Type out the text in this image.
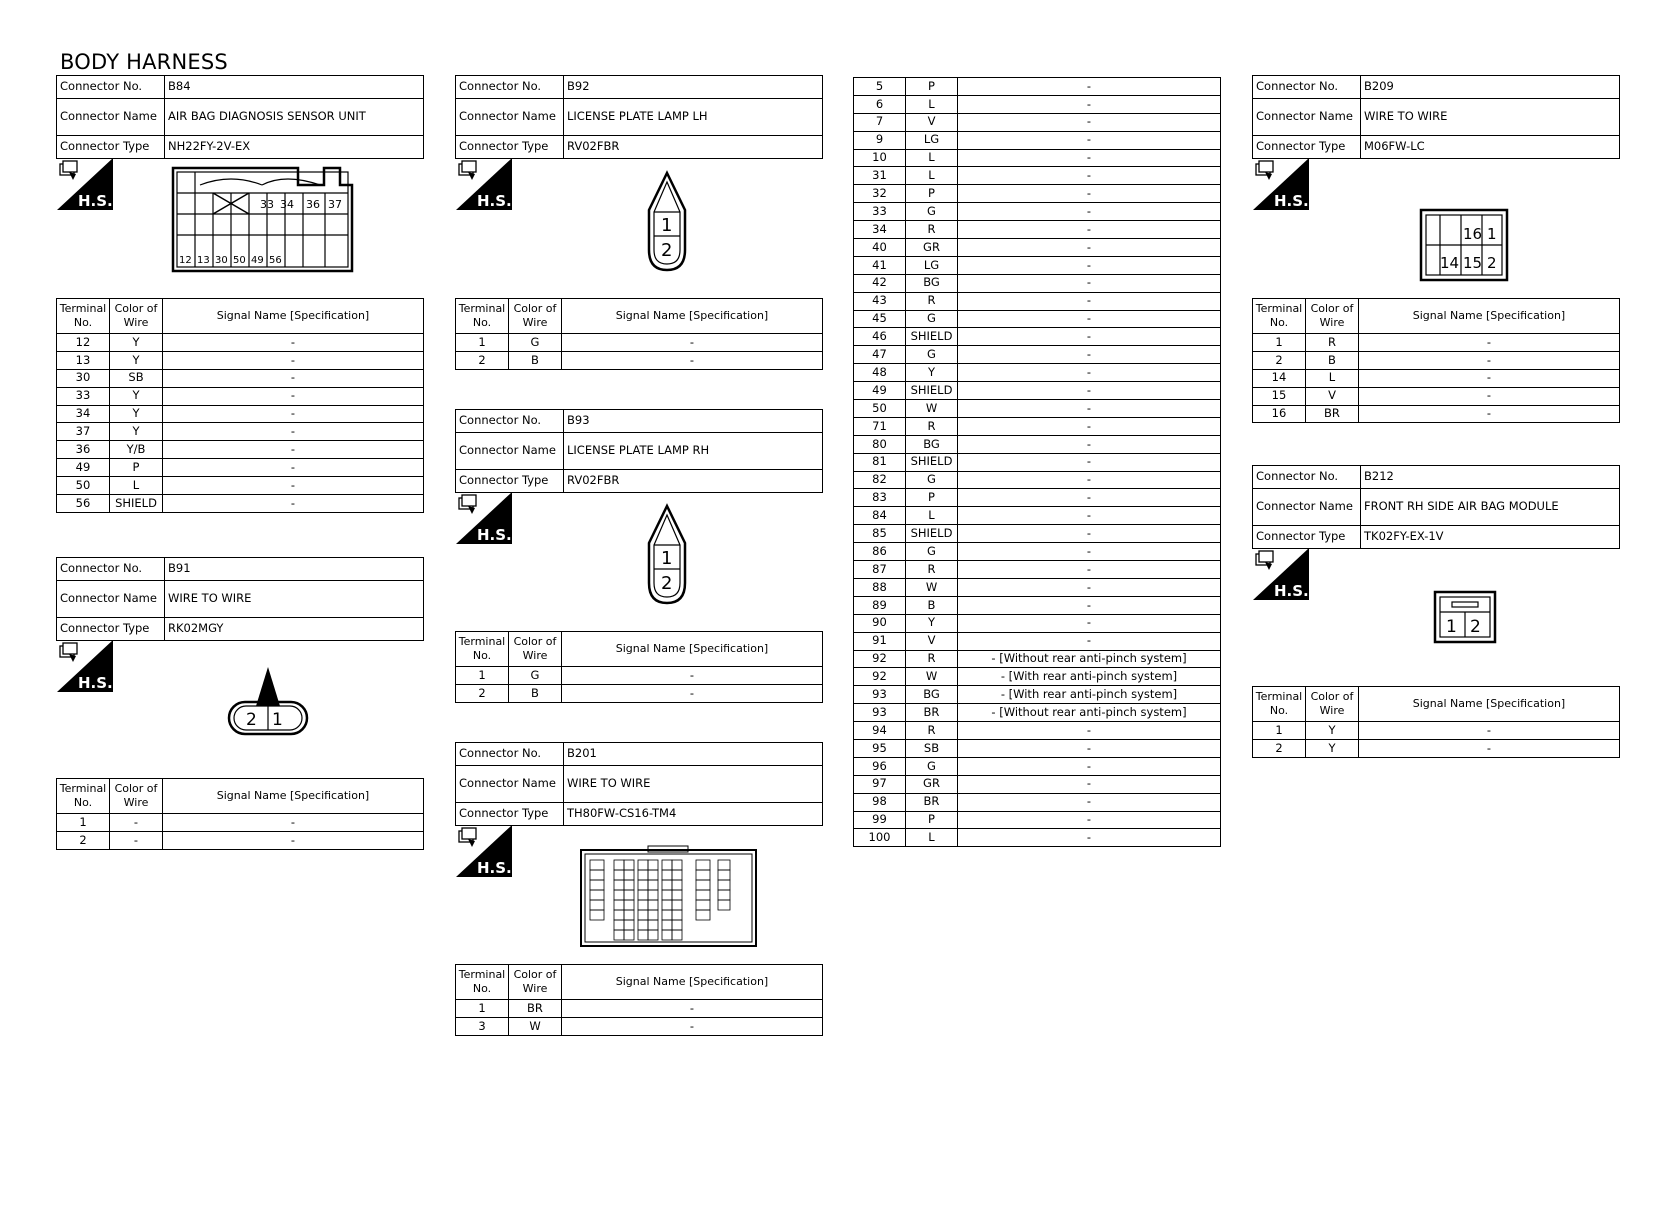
BODY HARNESS
Connector No.	B84
Connector Name	AIR BAG DIAGNOSIS SENSOR UNIT
Connector Type	NH22FY-2V-EX
H.S.	33 34 36 37
12 13 30 50 49 56
Terminal No.	Color of Wire	Signal Name [Specification]
12	Y	-
13	Y	-
30	SB	-
33	Y	-
34	Y	-
37	Y	-
36	Y/B	-
49	P	-
50	L	-
56	SHIELD	-
Connector No.	B91
Connector Name	WIRE TO WIRE
Connector Type	RK02MGY
H.S.
2 1
Terminal No.	Color of Wire	Signal Name [Specification]
1	-	-
2	-	-
Connector No.	B92
Connector Name	LICENSE PLATE LAMP LH
Connector Type	RV02FBR
H.S.
1
2
Terminal No.	Color of Wire	Signal Name [Specification]
1	G	-
2	B	-
Connector No.	B93
Connector Name	LICENSE PLATE LAMP RH
Connector Type	RV02FBR
H.S.
1
2
Terminal No.	Color of Wire	Signal Name [Specification]
1	G	-
2	B	-
Connector No.	B201
Connector Name	WIRE TO WIRE
Connector Type	TH80FW-CS16-TM4
H.S.
Terminal No.	Color of Wire	Signal Name [Specification]
1	BR	-
3	W	-
5	P	-
6	L	-
7	V	-
9	LG	-
10	L	-
31	L	-
32	P	-
33	G	-
34	R	-
40	GR	-
41	LG	-
42	BG	-
43	R	-
45	G	-
46	SHIELD	-
47	G	-
48	Y	-
49	SHIELD	-
50	W	-
71	R	-
80	BG	-
81	SHIELD	-
82	G	-
83	P	-
84	L	-
85	SHIELD	-
86	G	-
87	R	-
88	W	-
89	B	-
90	Y	-
91	V	-
92	R	- [Without rear anti-pinch system]
92	W	- [With rear anti-pinch system]
93	BG	- [With rear anti-pinch system]
93	BR	- [Without rear anti-pinch system]
94	R	-
95	SB	-
96	G	-
97	GR	-
98	BR	-
99	P	-
100	L	-
Connector No.	B209
Connector Name	WIRE TO WIRE
Connector Type	M06FW-LC
H.S.
16 1
14 15 2
Terminal No.	Color of Wire	Signal Name [Specification]
1	R	-
2	B	-
14	L	-
15	V	-
16	BR	-
Connector No.	B212
Connector Name	FRONT RH SIDE AIR BAG MODULE
Connector Type	TK02FY-EX-1V
H.S.
1 2
Terminal No.	Color of Wire	Signal Name [Specification]
1	Y	-
2	Y	-
